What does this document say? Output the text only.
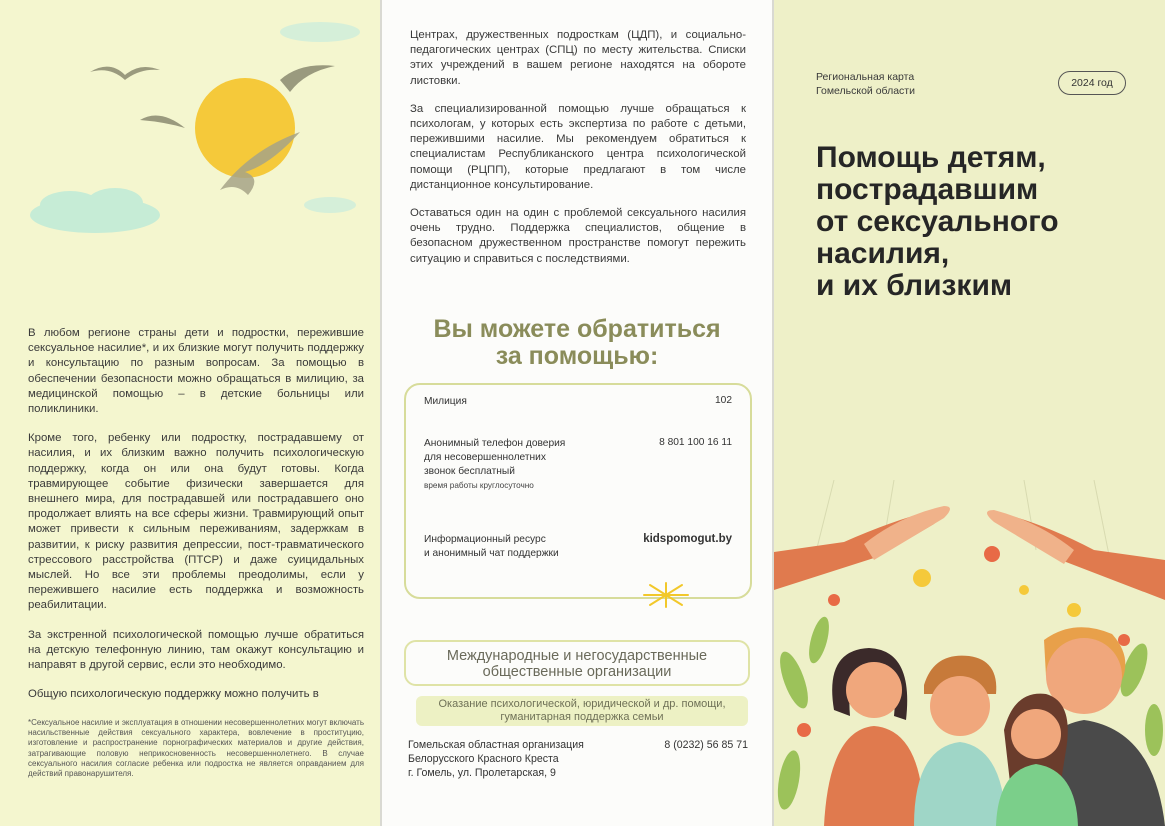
В любом регионе страны дети и подростки, пережившие сексуальное насилие*, и их близкие могут получить поддержку и консультацию по разным вопросам. За помощью в обеспечении безопасности можно обращаться в милицию, за медицинской помощью – в детские больницы или поликлиники.

Кроме того, ребенку или подростку, пострадавшему от насилия, и их близким важно получить психологическую поддержку, когда он или она будут готовы. Когда травмирующее событие физически завершается для внешнего мира, для пострадавшей или пострадавшего оно продолжает влиять на все сферы жизни. Травмирующий опыт может привести к сильным переживаниям, задержкам в развитии, к риску развития депрессии, пост-травматического стрессового расстройства (ПТСР) и даже суицидальных мыслей. Но все эти проблемы преодолимы, если у пережившего насилие есть поддержка и возможность реабилитации.

За экстренной психологической помощью лучше обратиться на детскую телефонную линию, там окажут консультацию и направят в другой сервис, если это необходимо.

Общую психологическую поддержку можно получить в

*Сексуальное насилие и эксплуатация в отношении несовершеннолетних могут включать насильственные действия сексуального характера, вовлечение в проституцию, изготовление и распространение порнографических материалов и другие действия, затрагивающие половую неприкосновенность несовершеннолетнего. В случае сексуального насилия согласие ребенка или подростка не является оправданием для действий правонарушителя.

Центрах, дружественных подросткам (ЦДП), и социально-педагогических центрах (СПЦ) по месту жительства. Списки этих учреждений в вашем регионе находятся на обороте листовки.

За специализированной помощью лучше обращаться к психологам, у которых есть экспертиза по работе с детьми, пережившими насилие. Мы рекомендуем обратиться к специалистам Республиканского центра психологической помощи (РЦПП), которые предлагают в том числе дистанционное консультирование.

Оставаться один на один с проблемой сексуального насилия очень трудно. Поддержка специалистов, общение в безопасном дружественном пространстве помогут пережить ситуацию и справиться с последствиями.

Вы можете обратиться
за помощью:
Милиция	102
Анонимный телефон доверия
для несовершеннолетних
звонок бесплатный
время работы круглосуточно
8 801 100 16 11
Информационный ресурс
и анонимный чат поддержки
kidspomogut.by
Международные и негосударственные
общественные организации
Оказание психологической, юридической и др. помощи,
гуманитарная поддержка семьи
Гомельская областная организация
Белорусского Красного Креста
г. Гомель, ул. Пролетарская, 9
8 (0232) 56 85 71
Региональная карта
Гомельской области
2024 год
Помощь детям,
пострадавшим
от сексуального
насилия,
и их близким
